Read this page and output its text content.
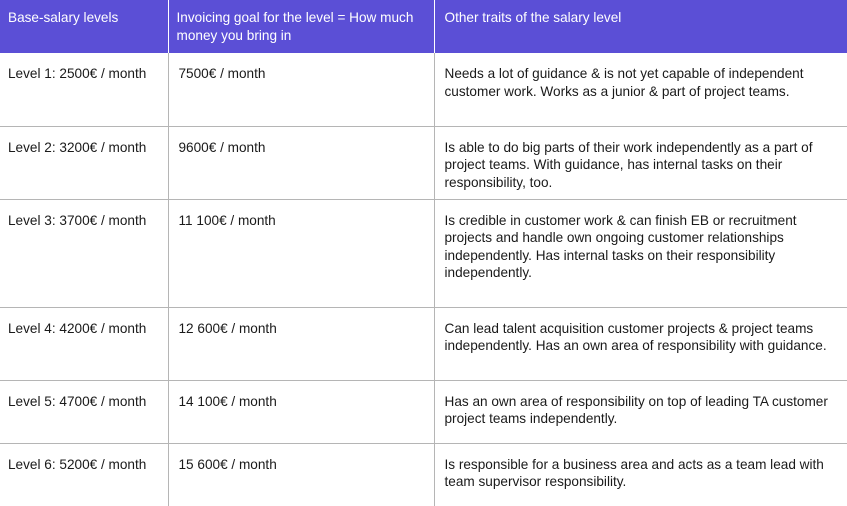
Base-salary levels	Invoicing goal for the level = How much money you bring in	Other traits of the salary level
Level 1: 2500€ / month	7500€ / month	Needs a lot of guidance & is not yet capable of independent customer work. Works as a junior & part of project teams.
Level 2: 3200€ / month	9600€ / month	Is able to do big parts of their work independently as a part of project teams. With guidance, has internal tasks on their responsibility, too.
Level 3: 3700€ / month	11 100€ / month	Is credible in customer work & can finish EB or recruitment projects and handle own ongoing customer relationships independently. Has internal tasks on their responsibility independently.
Level 4: 4200€ / month	12 600€ / month	Can lead talent acquisition customer projects & project teams independently. Has an own area of responsibility with guidance.
Level 5: 4700€ / month	14 100€ / month	Has an own area of responsibility on top of leading TA customer project teams independently.
Level 6: 5200€ / month	15 600€ / month	Is responsible for a business area and acts as a team lead with team supervisor responsibility.
